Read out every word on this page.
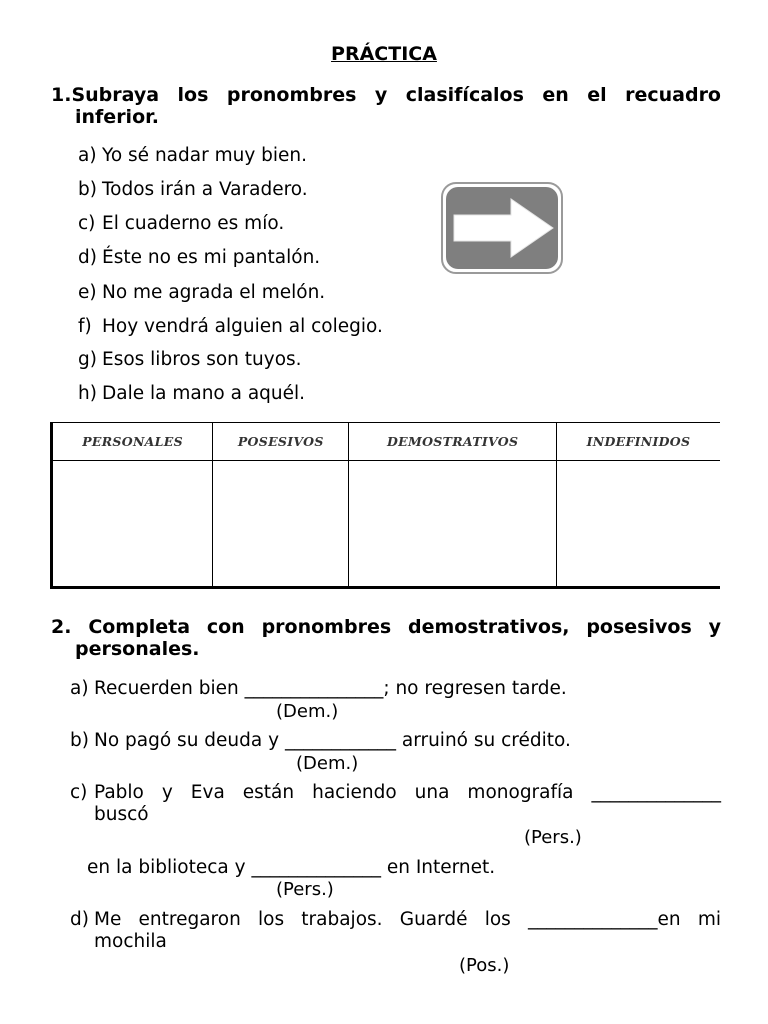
PRÁCTICA
1.Subraya los pronombres y clasifícalos en el recuadro
inferior.
a) Yo sé nadar muy bien.
b) Todos irán a Varadero.
c) El cuaderno es mío.
d) Éste no es mi pantalón.
e) No me agrada el melón.
f) Hoy vendrá alguien al colegio.
g) Esos libros son tuyos.
h) Dale la mano a aquél.
PERSONALES	POSESIVOS	DEMOSTRATIVOS	INDEFINIDOS

2. Completa con pronombres demostrativos, posesivos y
personales.
a) Recuerden bien _______________; no regresen tarde.
(Dem.)
b) No pagó su deuda y ____________ arruinó su crédito.
(Dem.)
c) Pablo y Eva están haciendo una monografía ______________
buscó
(Pers.)
en la biblioteca y ______________ en Internet.
(Pers.)
d) Me entregaron los trabajos. Guardé los ______________en mi
mochila
(Pos.)
